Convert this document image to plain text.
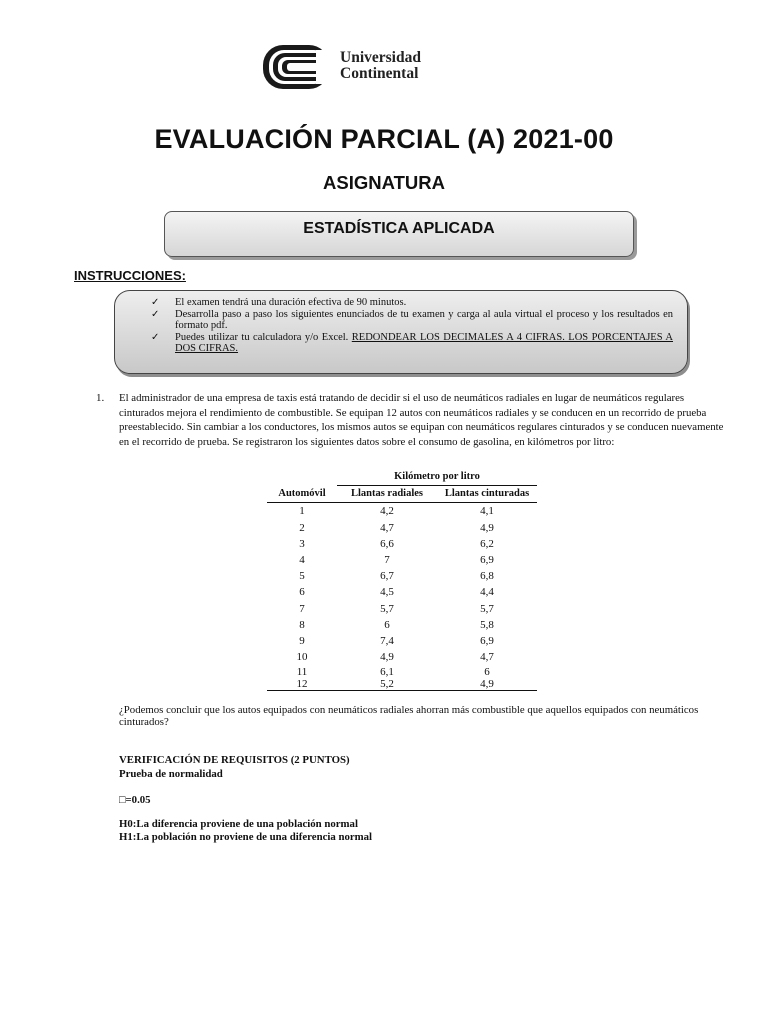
Universidad
Continental
EVALUACIÓN PARCIAL (A) 2021-00
ASIGNATURA
ESTADÍSTICA APLICADA
INSTRUCCIONES:
✓ El examen tendrá una duración efectiva de 90 minutos.
✓ Desarrolla paso a paso los siguientes enunciados de tu examen y carga al aula virtual el proceso y los resultados en formato pdf.
✓ Puedes utilizar tu calculadora y/o Excel. REDONDEAR LOS DECIMALES A 4 CIFRAS. LOS PORCENTAJES A DOS CIFRAS.
1. El administrador de una empresa de taxis está tratando de decidir si el uso de neumáticos radiales en lugar de neumáticos regulares cinturados mejora el rendimiento de combustible. Se equipan 12 autos con neumáticos radiales y se conducen en un recorrido de prueba preestablecido. Sin cambiar a los conductores, los mismos autos se equipan con neumáticos regulares cinturados y se conducen nuevamente en el recorrido de prueba. Se registraron los siguientes datos sobre el consumo de gasolina, en kilómetros por litro:
	Kilómetro por litro	
Automóvil	Llantas radiales	Llantas cinturadas
1	4,2	4,1
2	4,7	4,9
3	6,6	6,2
4	7	6,9
5	6,7	6,8
6	4,5	4,4
7	5,7	5,7
8	6	5,8
9	7,4	6,9
10	4,9	4,7
11	6,1	6
12	5,2	4,9
¿Podemos concluir que los autos equipados con neumáticos radiales ahorran más combustible que aquellos equipados con neumáticos cinturados?
VERIFICACIÓN DE REQUISITOS (2 PUNTOS)
Prueba de normalidad
□=0.05
H0:La diferencia proviene de una población normal
H1:La población no proviene de una diferencia normal
